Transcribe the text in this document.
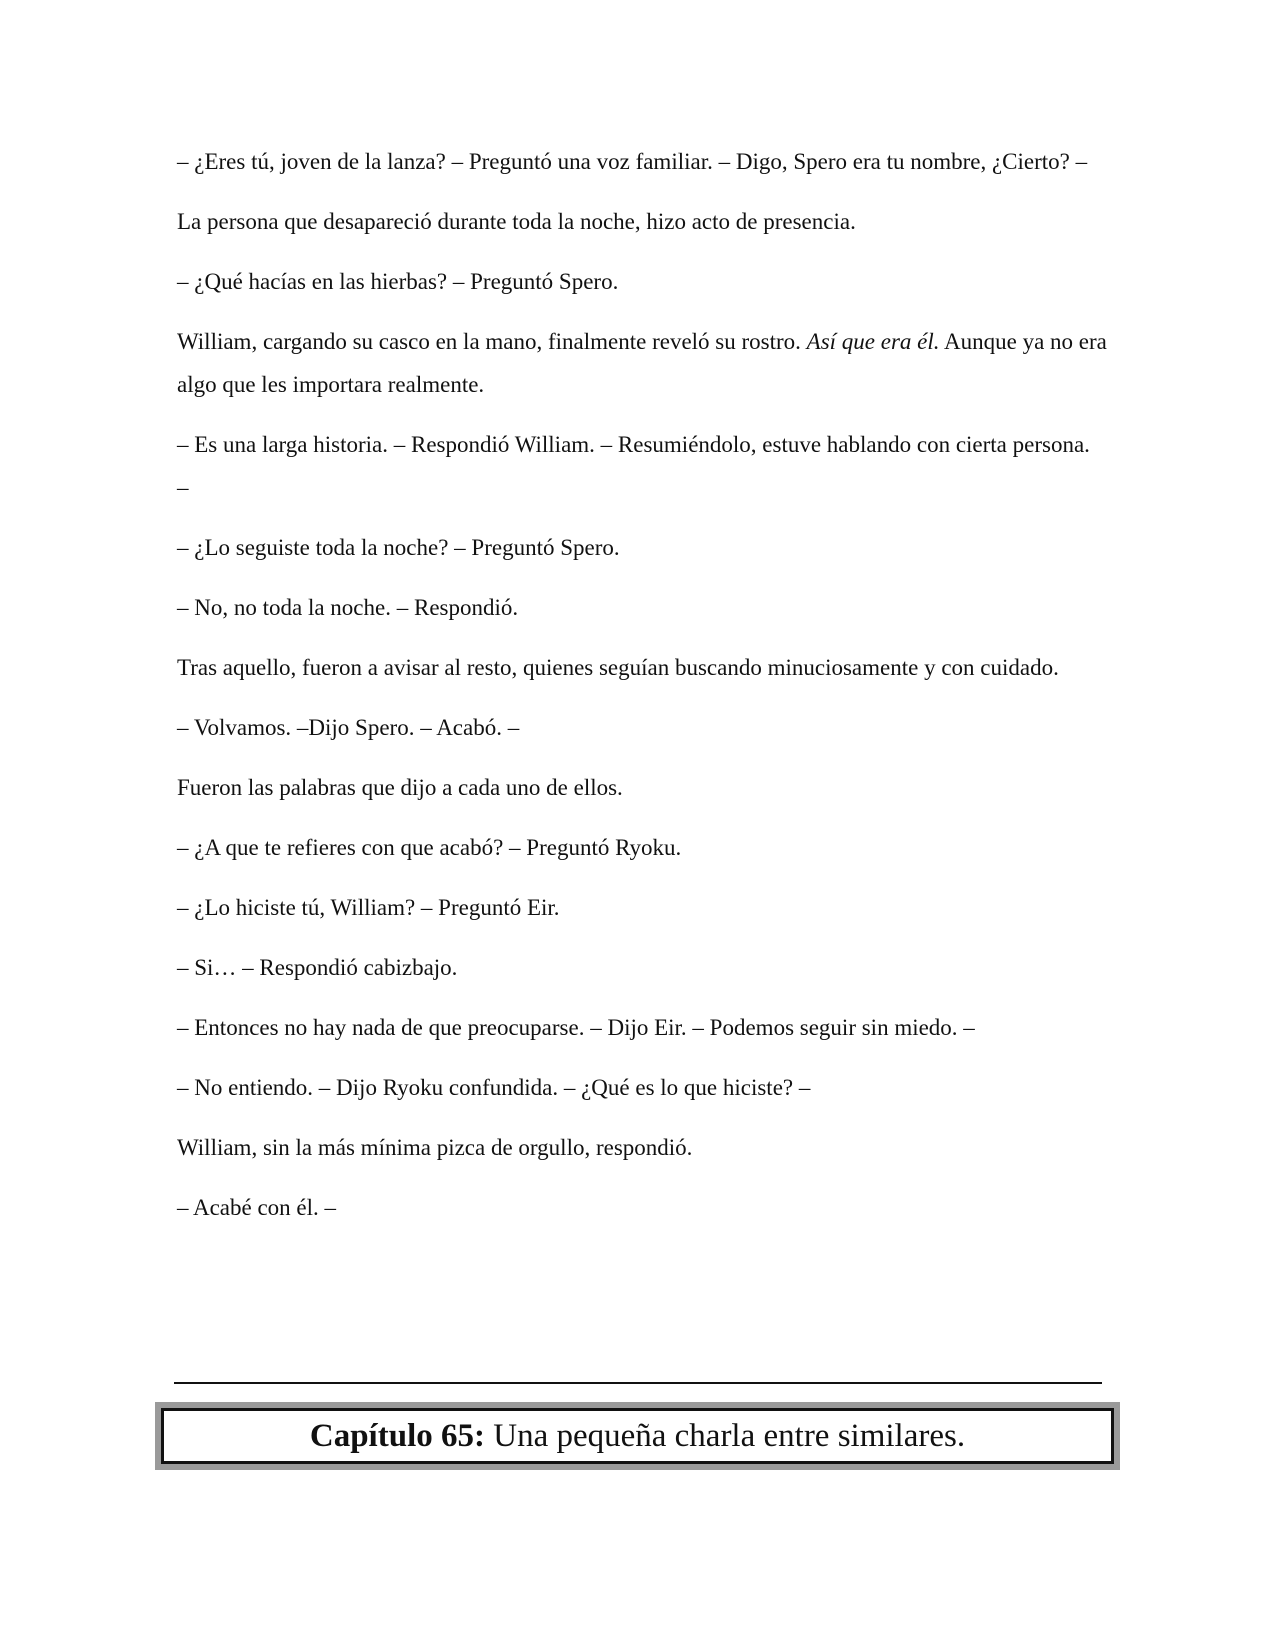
– ¿Eres tú, joven de la lanza? – Preguntó una voz familiar. – Digo, Spero era tu nombre, ¿Cierto? –

La persona que desapareció durante toda la noche, hizo acto de presencia.

– ¿Qué hacías en las hierbas? – Preguntó Spero.

William, cargando su casco en la mano, finalmente reveló su rostro. Así que era él. Aunque ya no era algo que les importara realmente.

– Es una larga historia. – Respondió William. – Resumiéndolo, estuve hablando con cierta persona. –

– ¿Lo seguiste toda la noche? – Preguntó Spero.

– No, no toda la noche. – Respondió.

Tras aquello, fueron a avisar al resto, quienes seguían buscando minuciosamente y con cuidado.

– Volvamos. –Dijo Spero. – Acabó. –

Fueron las palabras que dijo a cada uno de ellos.

– ¿A que te refieres con que acabó? – Preguntó Ryoku.

– ¿Lo hiciste tú, William? – Preguntó Eir.

– Si… – Respondió cabizbajo.

– Entonces no hay nada de que preocuparse. – Dijo Eir. – Podemos seguir sin miedo. –

– No entiendo. – Dijo Ryoku confundida. – ¿Qué es lo que hiciste? –

William, sin la más mínima pizca de orgullo, respondió.

– Acabé con él. –

Capítulo 65: Una pequeña charla entre similares.
